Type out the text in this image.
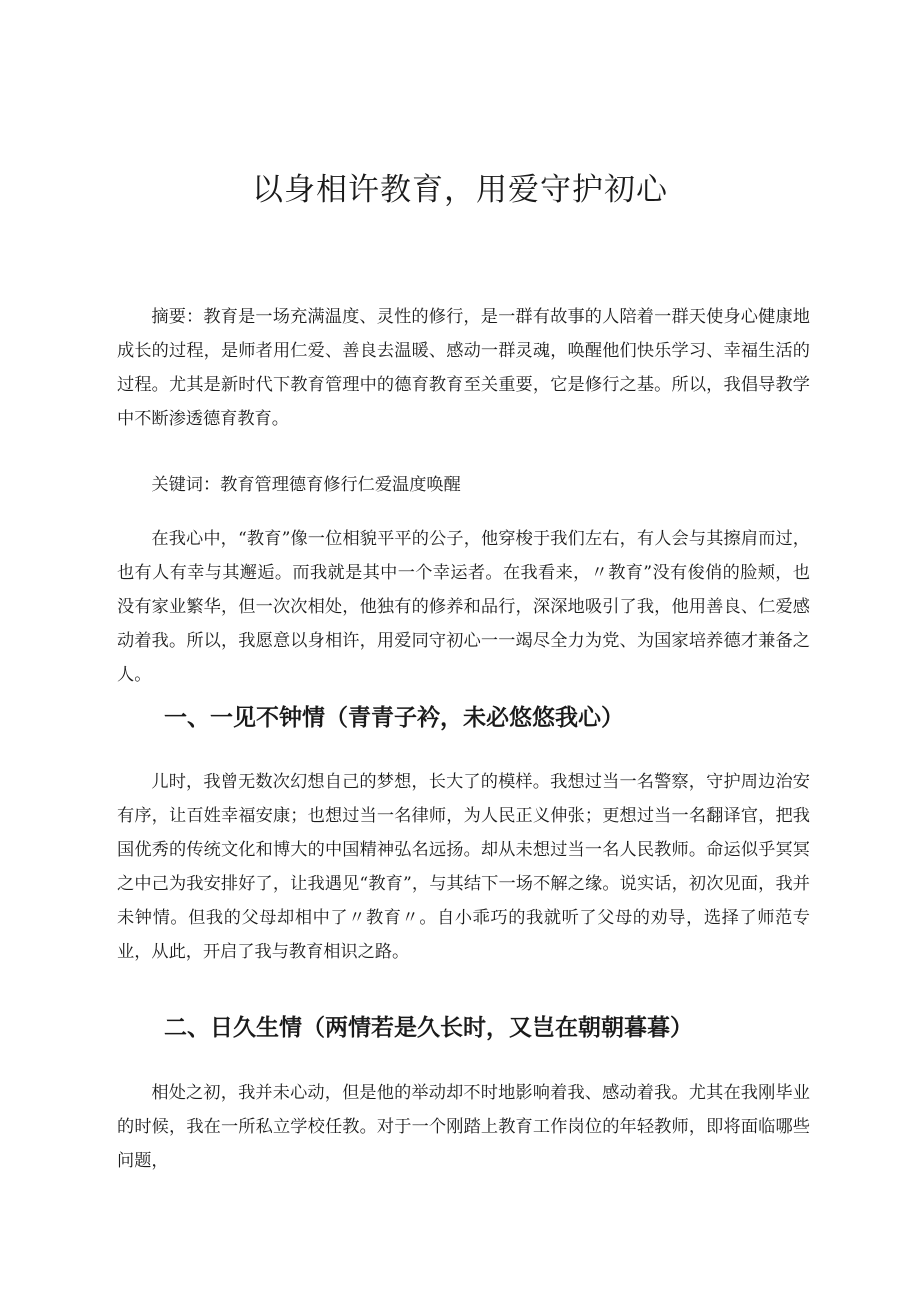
以身相许教育，用爱守护初心

摘要：教育是一场充满温度、灵性的修行，是一群有故事的人陪着一群天使身心健康地成长的过程，是师者用仁爱、善良去温暖、感动一群灵魂，唤醒他们快乐学习、幸福生活的过程。尤其是新时代下教育管理中的德育教育至关重要，它是修行之基。所以，我倡导教学中不断渗透德育教育。

关键词：教育管理德育修行仁爱温度唤醒

在我心中，“教育”像一位相貌平平的公子，他穿梭于我们左右，有人会与其擦肩而过，也有人有幸与其邂逅。而我就是其中一个幸运者。在我看来，〃教育”没有俊俏的脸颊，也没有家业繁华，但一次次相处，他独有的修养和品行，深深地吸引了我，他用善良、仁爱感动着我。所以，我愿意以身相许，用爱同守初心一一竭尽全力为党、为国家培养德才兼备之人。

一、一见不钟情（青青子衿，未必悠悠我心）

儿时，我曾无数次幻想自己的梦想，长大了的模样。我想过当一名警察，守护周边治安有序，让百姓幸福安康；也想过当一名律师，为人民正义伸张；更想过当一名翻译官，把我国优秀的传统文化和博大的中国精神弘名远扬。却从未想过当一名人民教师。命运似乎冥冥之中己为我安排好了，让我遇见“教育”，与其结下一场不解之缘。说实话，初次见面，我并未钟情。但我的父母却相中了〃教育〃。自小乖巧的我就听了父母的劝导，选择了师范专业，从此，开启了我与教育相识之路。

二、日久生情（两情若是久长时，又岂在朝朝暮暮）

相处之初，我并未心动，但是他的举动却不时地影响着我、感动着我。尤其在我刚毕业的时候，我在一所私立学校任教。对于一个刚踏上教育工作岗位的年轻教师，即将面临哪些问题，
